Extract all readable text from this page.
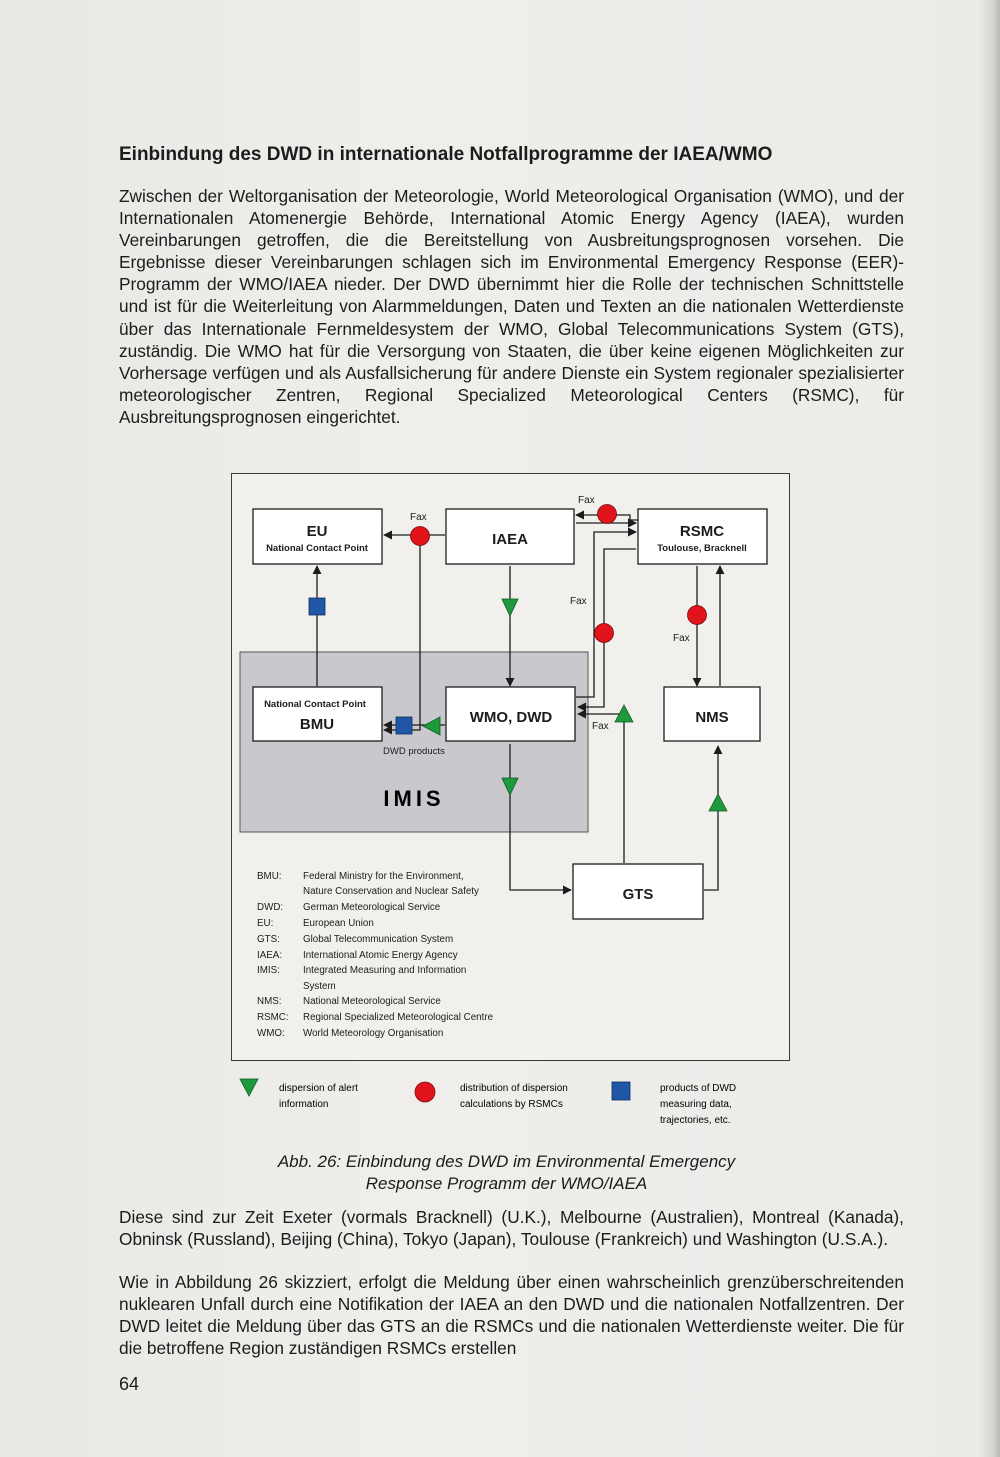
Einbindung des DWD in internationale Notfallprogramme der IAEA/WMO

Zwischen der Weltorganisation der Meteorologie, World Meteorological Organisation (WMO), und der Internationalen Atomenergie Behörde, International Atomic Energy Agency (IAEA), wurden Vereinbarungen getroffen, die die Bereitstellung von Ausbreitungsprognosen vorsehen. Die Ergebnisse dieser Vereinbarungen schlagen sich im Environmental Emergency Response (EER)-Programm der WMO/IAEA nieder. Der DWD übernimmt hier die Rolle der technischen Schnittstelle und ist für die Weiterleitung von Alarmmeldungen, Daten und Texten an die nationalen Wetterdienste über das Internationale Fernmeldesystem der WMO, Global Telecommunications System (GTS), zuständig. Die WMO hat für die Versorgung von Staaten, die über keine eigenen Möglichkeiten zur Vorhersage verfügen und als Ausfallsicherung für andere Dienste ein System regionaler spezialisierter meteorologischer Zentren, Regional Specialized Meteorological Centers (RSMC), für Ausbreitungsprognosen eingerichtet.

IMIS
EU
National Contact Point
IAEA	RSMC
Toulouse, Bracknell
National Contact Point
BMU	WMO, DWD	NMS
GTS
Fax
Fax
Fax
Fax
Fax
DWD products
BMU: Federal Ministry for the Environment,
Nature Conservation and Nuclear Safety
DWD: German Meteorological Service
EU:	European Union
GTS: Global Telecommunication System
IAEA: International Atomic Energy Agency
IMIS: Integrated Measuring and Information
System
NMS: National Meteorological Service
RSMC: Regional Specialized Meteorological Centre
WMO: World Meteorology Organisation
dispersion of alert
information
distribution of dispersion
calculations by RSMCs
products of DWD
measuring data,
trajectories, etc.
Abb. 26: Einbindung des DWD im Environmental Emergency
Response Programm der WMO/IAEA

Diese sind zur Zeit Exeter (vormals Bracknell) (U.K.), Melbourne (Australien), Montreal (Kanada), Obninsk (Russland), Beijing (China), Tokyo (Japan), Toulouse (Frankreich) und Washington (U.S.A.).

Wie in Abbildung 26 skizziert, erfolgt die Meldung über einen wahrscheinlich grenzüberschreitenden nuklearen Unfall durch eine Notifikation der IAEA an den DWD und die nationalen Notfallzentren. Der DWD leitet die Meldung über das GTS an die RSMCs und die nationalen Wetterdienste weiter. Die für die betroffene Region zuständigen RSMCs erstellen

64
